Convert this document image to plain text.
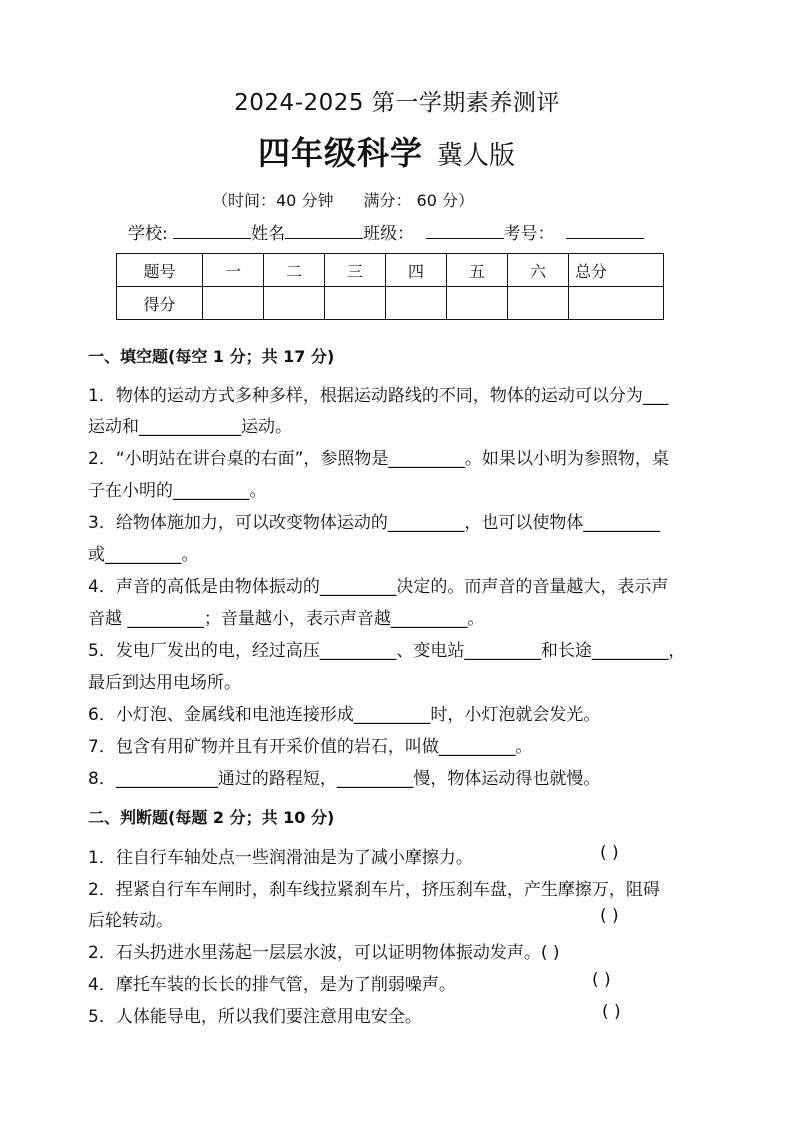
2024-2025 第一学期素养测评
四年级科学 冀人版
（时间：40 分钟 满分： 60 分）
学校:	姓名	班级：	考号：
题号	一	二	三	四	五	六	总分
得分							
一、填空题(每空 1 分；共 17 分)
1．物体的运动方式多种多样，根据运动路线的不同，物体的运动可以分为___
运动和____________运动。
2．“小明站在讲台桌的右面”，参照物是_________。如果以小明为参照物，桌
子在小明的_________。
3．给物体施加力，可以改变物体运动的_________，也可以使物体_________
或_________。
4．声音的高低是由物体振动的_________决定的。而声音的音量越大，表示声
音越 _________；音量越小，表示声音越_________。
5．发电厂发出的电，经过高压_________、变电站_________和长途_________，
最后到达用电场所。
6．小灯泡、金属线和电池连接形成_________时，小灯泡就会发光。
7．包含有用矿物并且有开采价值的岩石，叫做_________。
8．____________通过的路程短，_________慢，物体运动得也就慢。
二、判断题(每题 2 分；共 10 分)
1．往自行车轴处点一些润滑油是为了减小摩擦力。	( )
2．捏紧自行车车闸时，刹车线拉紧刹车片，挤压刹车盘，产生摩擦万，阻碍
后轮转动。	( )
2．石头扔进水里荡起一层层水波，可以证明物体振动发声。( )
4．摩托车装的长长的排气管，是为了削弱噪声。	( )
5．人体能导电，所以我们要注意用电安全。	( )
